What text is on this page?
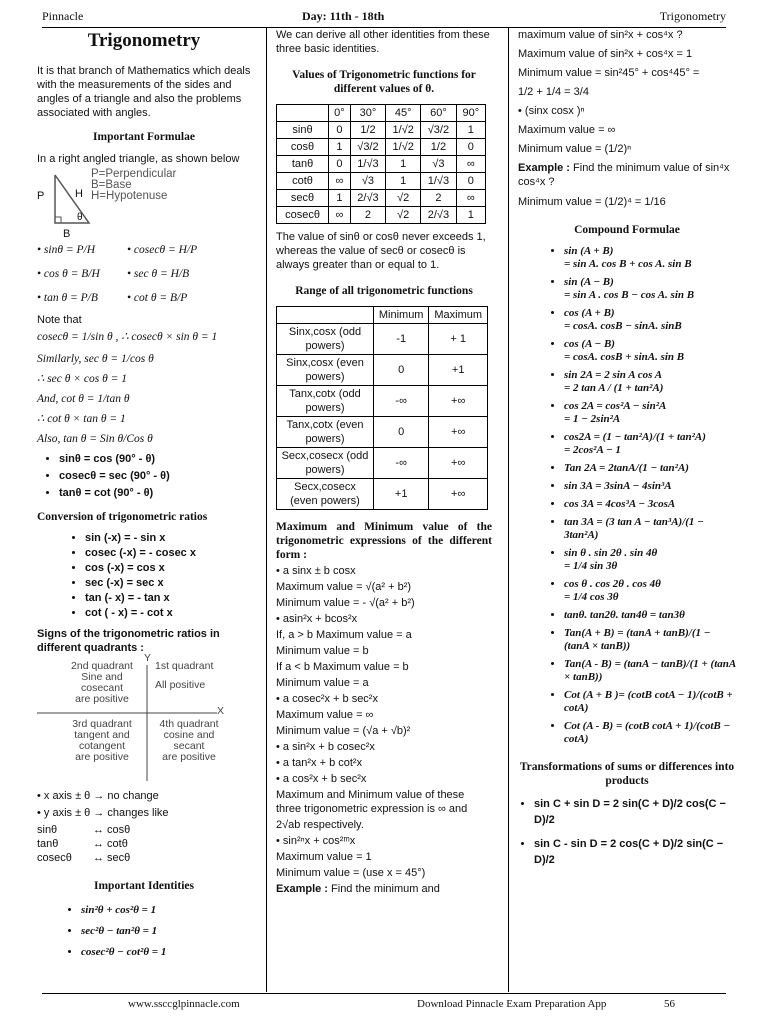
Pinnacle	Day: 11th - 18th	Trigonometry
Trigonometry
It is that branch of Mathematics which deals with the measurements of the sides and angles of a triangle and also the problems associated with angles.
Important Formulae
In a right angled triangle, as shown below
P	H
B
θ
P=Perpendicular
B=Base
H=Hypotenuse
• sinθ = P/H	• cosecθ = H/P
• cos θ = B/H • sec θ = H/B
• tan θ = P/B	• cot θ = B/P
Note that
cosecθ = 1/sin θ , ∴ cosecθ × sin θ = 1
Similarly, sec θ = 1/cos θ
∴ sec θ × cos θ = 1
And, cot θ = 1/tan θ
∴ cot θ × tan θ = 1
Also, tan θ = Sin θ/Cos θ
• sinθ = cos (90° - θ)
• cosecθ = sec (90° - θ)
• tanθ = cot (90° - θ)
Conversion of trigonometric ratios
• sin (-x) = - sin x
• cosec (-x) = - cosec x
• cos (-x) = cos x
• sec (-x) = sec x
• tan (- x) = - tan x
• cot ( - x) = - cot x
Signs of the trigonometric ratios in different quadrants :
Y
X
2nd quadrant
Sine and
cosecant
are positive
1st quadrant
All positive
3rd quadrant
tangent and
cotangent
are positive
4th quadrant
cosine and
secant
are positive
• x axis ± θ → no change
• y axis ± θ → changes like
sinθ	↔ cosθ
tanθ	↔ cotθ
cosecθ ↔ secθ
Important Identities
• sin²θ + cos²θ = 1
• sec²θ − tan²θ = 1
• cosec²θ − cot²θ = 1
We can derive all other identities from these three basic identities.
Values of Trigonometric functions for different values of θ.
	0°	30°	45°	60°	90°
sinθ	0	1/2	1/√2	√3/2	1
cosθ	1	√3/2	1/√2	1/2	0
tanθ	0	1/√3	1	√3	∞
cotθ	∞	√3	1	1/√3	0
secθ	1	2/√3	√2	2	∞
cosecθ	∞	2	√2	2/√3	1
The value of sinθ or cosθ never exceeds 1, whereas the value of secθ or cosecθ is always greater than or equal to 1.
Range of all trigonometric functions
	Minimum	Maximum
Sinx,cosx (odd powers)	-1	+ 1
Sinx,cosx (even powers)	0	+1
Tanx,cotx (odd powers)	-∞	+∞
Tanx,cotx (even powers)	0	+∞
Secx,cosecx (odd powers)	-∞	+∞
Secx,cosecx (even powers)	+1	+∞
Maximum and Minimum value of the trigonometric expressions of the different form :
• a sinx ± b cosx
Maximum value = √(a² + b²)
Minimum value = - √(a² + b²)
• asin²x + bcos²x
If, a > b Maximum value = a
Minimum value = b
If a < b Maximum value = b
Minimum value = a
• a cosec²x + b sec²x
Maximum value = ∞
Minimum value = (√a + √b)²
• a sin²x + b cosec²x
• a tan²x + b cot²x
• a cos²x + b sec²x
Maximum and Minimum value of these three trigonometric expression is ∞ and
2√ab respectively.
• sin²ⁿx + cos²ᵐx
Maximum value = 1
Minimum value = (use x = 45°)
Example : Find the minimum and
maximum value of sin²x + cos⁴x ?
Maximum value of sin²x + cos⁴x = 1
Minimum value = sin²45° + cos⁴45° =
1/2 + 1/4 = 3/4
• (sinx cosx )ⁿ
Maximum value = ∞
Minimum value = (1/2)ⁿ
Example : Find the minimum value of sin⁴x cos⁴x ?
Minimum value = (1/2)⁴ = 1/16
Compound Formulae
• sin (A + B)
= sin A. cos B + cos A. sin B
• sin (A − B)
= sin A . cos B − cos A. sin B
• cos (A + B)
= cosA. cosB − sinA. sinB
• cos (A − B)
= cosA. cosB + sinA. sin B
• sin 2A = 2 sin A cos A
= 2 tan A / (1 + tan²A)
• cos 2A = cos²A − sin²A
= 1 − 2sin²A
• cos2A = (1 − tan²A)/(1 + tan²A)
= 2cos²A − 1
• Tan 2A = 2tanA/(1 − tan²A)
• sin 3A = 3sinA − 4sin³A
• cos 3A = 4cos³A − 3cosA
• tan 3A = (3 tan A − tan³A)/(1 − 3tan²A)
• sin θ . sin 2θ . sin 4θ
= 1/4 sin 3θ
• cos θ . cos 2θ . cos 4θ
= 1/4 cos 3θ
• tanθ. tan2θ. tan4θ = tan3θ
• Tan(A + B) = (tanA + tanB)/(1 − (tanA × tanB))
• Tan(A - B) = (tanA − tanB)/(1 + (tanA × tanB))
• Cot (A + B )= (cotB cotA − 1)/(cotB + cotA)
• Cot (A - B) = (cotB cotA + 1)/(cotB − cotA)
Transformations of sums or differences into products
• sin C + sin D = 2 sin(C + D)/2 cos(C − D)/2
• sin C - sin D = 2 cos(C + D)/2 sin(C − D)/2
www.ssccglpinnacle.com	Download Pinnacle Exam Preparation App	56
